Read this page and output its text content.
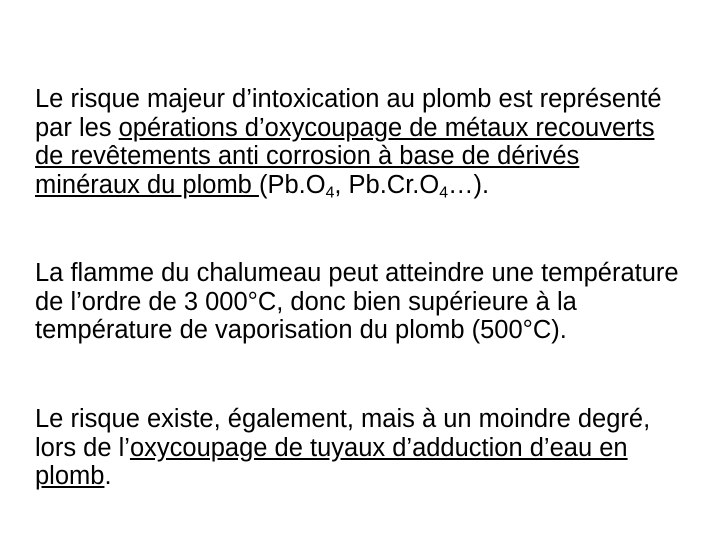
Le risque majeur d’intoxication au plomb est représenté par les opérations d’oxycoupage de métaux recouverts de revêtements anti corrosion à base de dérivés minéraux du plomb ($Pb.O_4$, $Pb.Cr.O_4\dots$).

La flamme du chalumeau peut atteindre une température de l’ordre de 3 000°C, donc bien supérieure à la température de vaporisation du plomb (500°C).

Le risque existe, également, mais à un moindre degré, lors de l’oxycoupage de tuyaux d’adduction d’eau en plomb.
